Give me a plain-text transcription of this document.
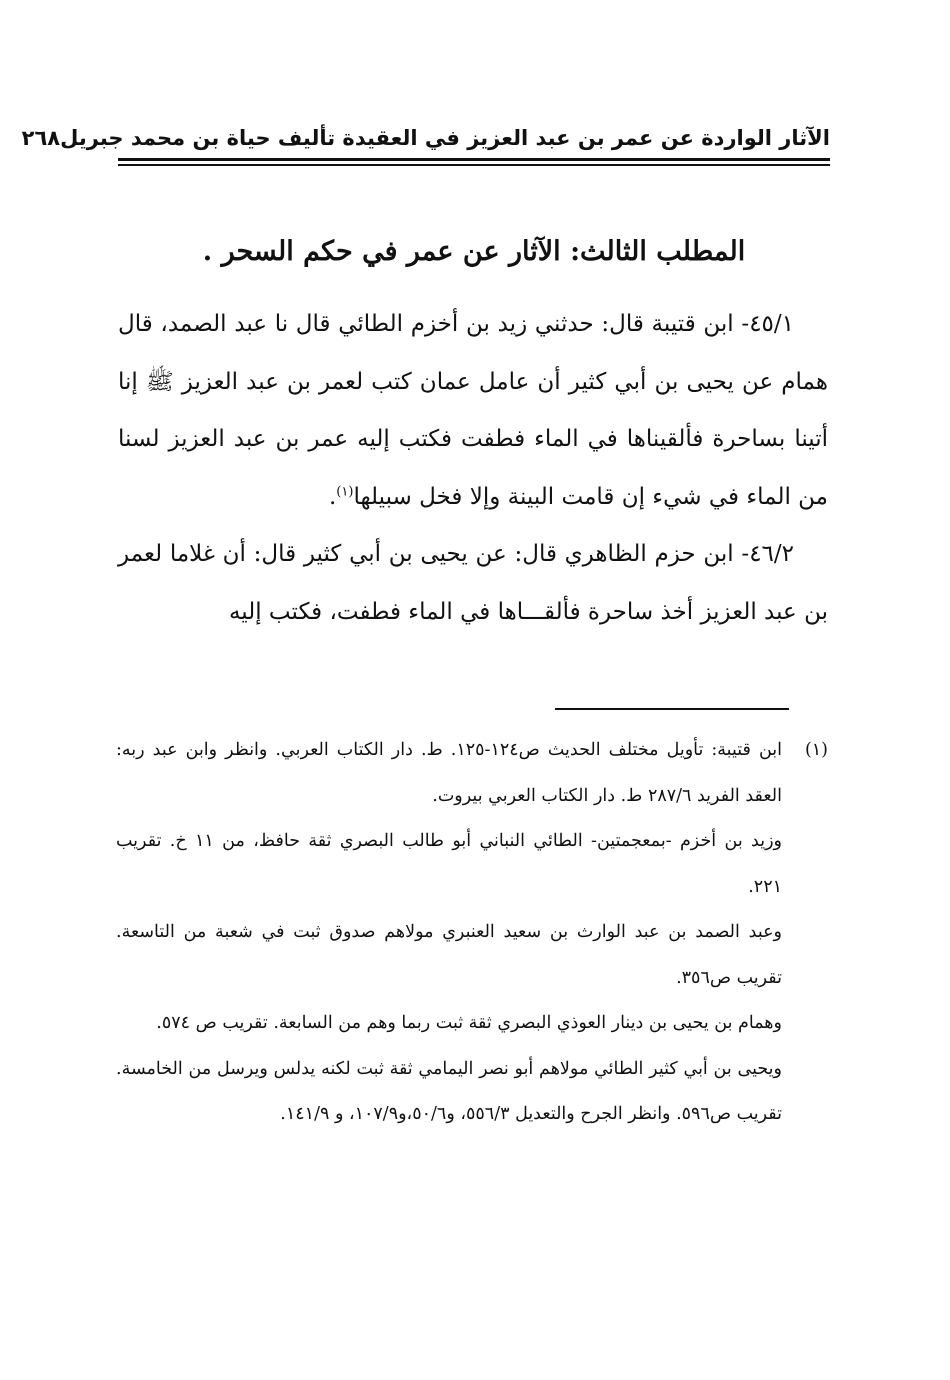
الآثار الواردة عن عمر بن عبد العزيز في العقيدة تأليف حياة بن محمد جبريل
٢٦٨
المطلب الثالث: الآثار عن عمر في حكم السحر .

٤٥/١- ابن قتيبة قال: حدثني زيد بن أخزم الطائي قال نا عبد الصمد، قال همام عن يحيى بن أبي كثير أن عامل عمان كتب لعمر بن عبد العزيز ﷺ إنا أتينا بساحرة فألقيناها في الماء فطفت فكتب إليه عمر بن عبد العزيز لسنا من الماء في شيء إن قامت البينة وإلا فخل سبيلها$^{(١)}$.

٤٦/٢- ابن حزم الظاهري قال: عن يحيى بن أبي كثير قال: أن غلاما لعمر بن عبد العزيز أخذ ساحرة فألقـــاها في الماء فطفت، فكتب إليه

(١)

ابن قتيبة: تأويل مختلف الحديث ص١٢٤-١٢٥. ط. دار الكتاب العربي. وانظر وابن عبد ربه: العقد الفريد ٢٨٧/٦ ط. دار الكتاب العربي بيروت.

وزيد بن أخزم -بمعجمتين- الطائي النباني أبو طالب البصري ثقة حافظ، من ١١ خ. تقريب ٢٢١.

وعبد الصمد بن عبد الوارث بن سعيد العنبري مولاهم صدوق ثبت في شعبة من التاسعة. تقريب ص٣٥٦.

وهمام بن يحيى بن دينار العوذي البصري ثقة ثبت ربما وهم من السابعة. تقريب ص ٥٧٤.

ويحيى بن أبي كثير الطائي مولاهم أبو نصر اليمامي ثقة ثبت لكنه يدلس ويرسل من الخامسة. تقريب ص٥٩٦. وانظر الجرح والتعديل ٥٥٦/٣، و٥٠/٦،و١٠٧/٩، و ١٤١/٩.
